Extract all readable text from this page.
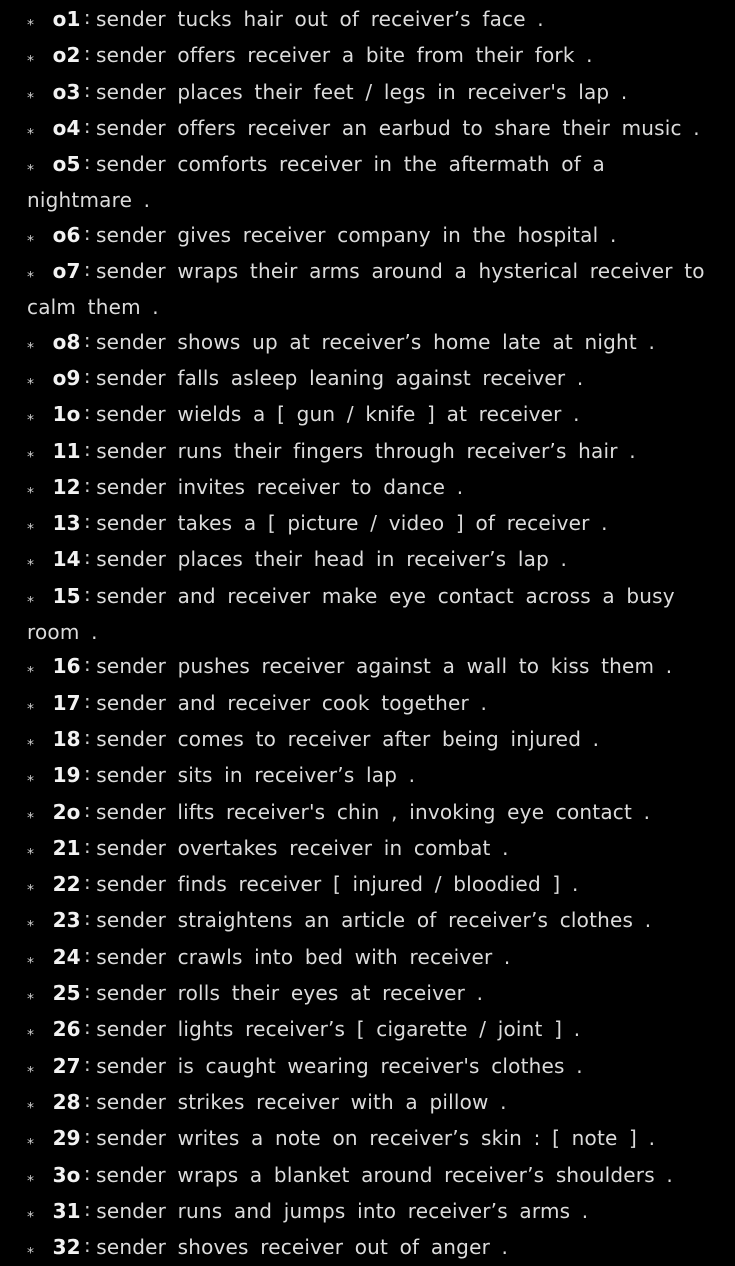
⁎ o1 ∶ sender tucks hair out of receiver’s face .
⁎ o2 ∶ sender offers receiver a bite from their fork .
⁎ o3 ∶ sender places their feet / legs in receiver's lap .
⁎ o4 ∶ sender offers receiver an earbud to share their music .
⁎ o5 ∶ sender comforts receiver in the aftermath of a nightmare .
⁎ o6 ∶ sender gives receiver company in the hospital .
⁎ o7 ∶ sender wraps their arms around a hysterical receiver to calm them .
⁎ o8 ∶ sender shows up at receiver’s home late at night .
⁎ o9 ∶ sender falls asleep leaning against receiver .
⁎ 1o ∶ sender wields a [ gun / knife ] at receiver .
⁎ 11 ∶ sender runs their fingers through receiver’s hair .
⁎ 12 ∶ sender invites receiver to dance .
⁎ 13 ∶ sender takes a [ picture / video ] of receiver .
⁎ 14 ∶ sender places their head in receiver’s lap .
⁎ 15 ∶ sender and receiver make eye contact across a busy room .
⁎ 16 ∶ sender pushes receiver against a wall to kiss them .
⁎ 17 ∶ sender and receiver cook together .
⁎ 18 ∶ sender comes to receiver after being injured .
⁎ 19 ∶ sender sits in receiver’s lap .
⁎ 2o ∶ sender lifts receiver's chin , invoking eye contact .
⁎ 21 ∶ sender overtakes receiver in combat .
⁎ 22 ∶ sender finds receiver [ injured / bloodied ] .
⁎ 23 ∶ sender straightens an article of receiver’s clothes .
⁎ 24 ∶ sender crawls into bed with receiver .
⁎ 25 ∶ sender rolls their eyes at receiver .
⁎ 26 ∶ sender lights receiver’s [ cigarette / joint ] .
⁎ 27 ∶ sender is caught wearing receiver's clothes .
⁎ 28 ∶ sender strikes receiver with a pillow .
⁎ 29 ∶ sender writes a note on receiver’s skin : [ note ] .
⁎ 3o ∶ sender wraps a blanket around receiver’s shoulders .
⁎ 31 ∶ sender runs and jumps into receiver’s arms .
⁎ 32 ∶ sender shoves receiver out of anger .
